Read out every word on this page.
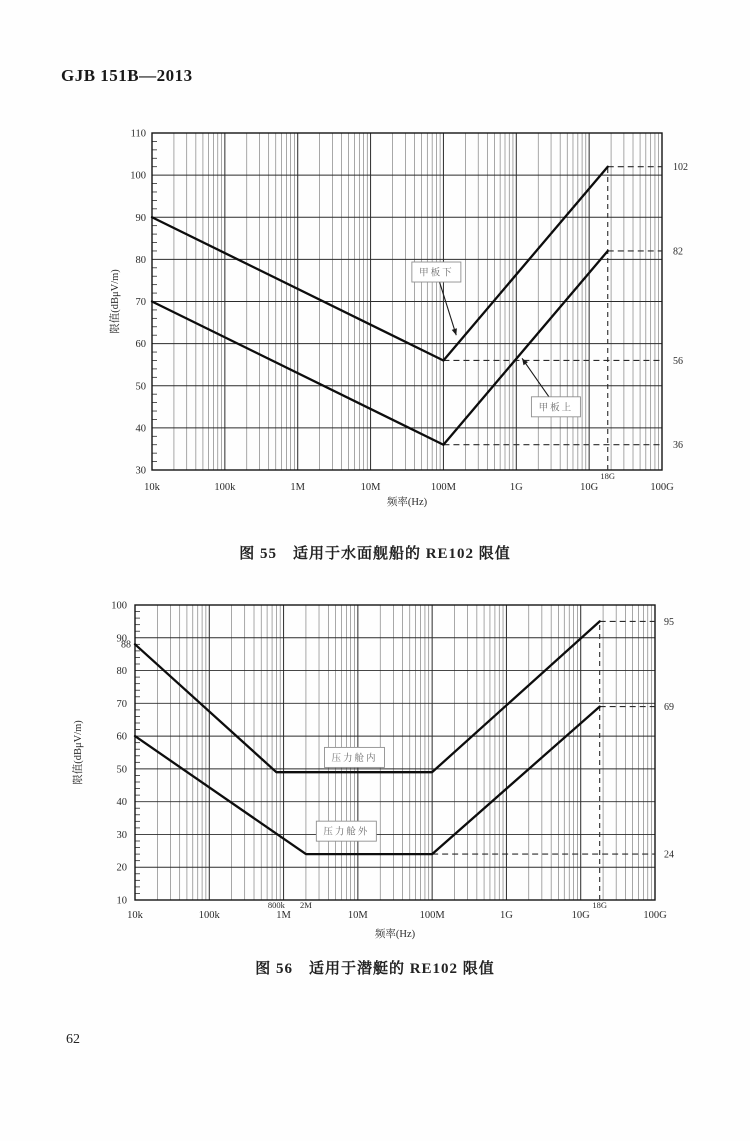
GJB 151B—2013
30
40
50
60
70
80
90
100
110
10k	100k	1M	10M	100M	1G	10G	100G
18G
频率(Hz)
限值(dBμV/m)
56
36
102
82
甲板下
甲板上
图 55　适用于水面舰船的 RE102 限值
10
20
30
40
50
60
70
80
90
100
10k	100k	1M	10M	100M	1G	10G	100G
800k 2M	18G
频率(Hz)
限值(dBμV/m)
24
95
69
88
压力舱内
压力舱外
图 56　适用于潜艇的 RE102 限值
62
